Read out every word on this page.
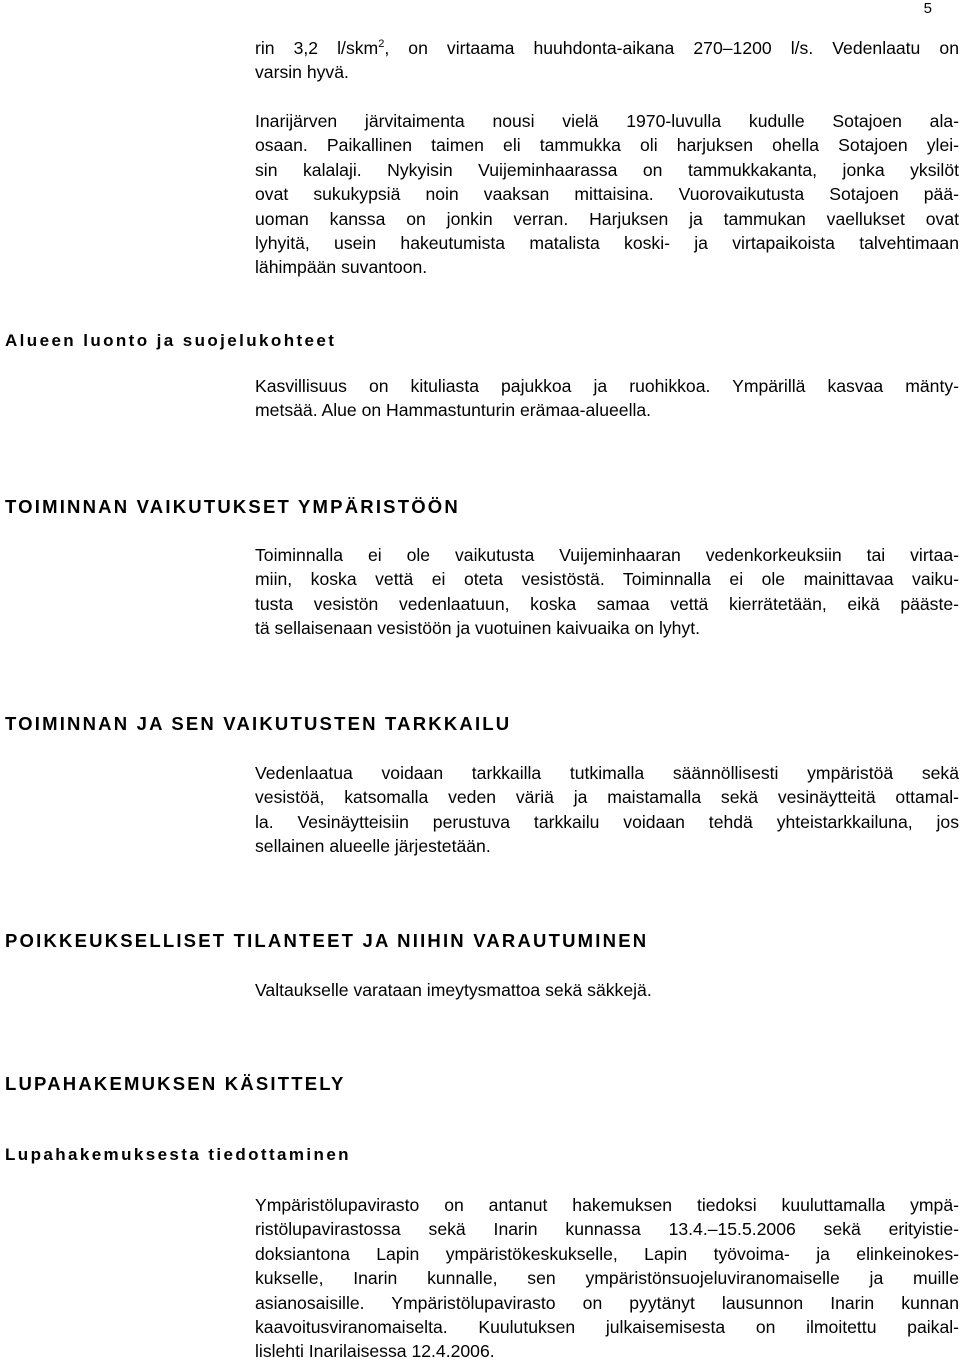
5
rin 3,2 l/skm$^2$, on virtaama huuhdonta-aikana 270–1200 l/s. Vedenlaatu on
varsin hyvä.
Inarijärven järvitaimenta nousi vielä 1970-luvulla kudulle Sotajoen ala-
osaan. Paikallinen taimen eli tammukka oli harjuksen ohella Sotajoen ylei-
sin kalalaji. Nykyisin Vuijeminhaarassa on tammukkakanta, jonka yksilöt
ovat sukukypsiä noin vaaksan mittaisina. Vuorovaikutusta Sotajoen pää-
uoman kanssa on jonkin verran. Harjuksen ja tammukan vaellukset ovat
lyhyitä, usein hakeutumista matalista koski- ja virtapaikoista talvehtimaan
lähimpään suvantoon.
Alueen luonto ja suojelukohteet
Kasvillisuus on kituliasta pajukkoa ja ruohikkoa. Ympärillä kasvaa mänty-
metsää. Alue on Hammastunturin erämaa-alueella.
TOIMINNAN VAIKUTUKSET YMPÄRISTÖÖN
Toiminnalla ei ole vaikutusta Vuijeminhaaran vedenkorkeuksiin tai virtaa-
miin, koska vettä ei oteta vesistöstä. Toiminnalla ei ole mainittavaa vaiku-
tusta vesistön vedenlaatuun, koska samaa vettä kierrätetään, eikä pääste-
tä sellaisenaan vesistöön ja vuotuinen kaivuaika on lyhyt.
TOIMINNAN JA SEN VAIKUTUSTEN TARKKAILU
Vedenlaatua voidaan tarkkailla tutkimalla säännöllisesti ympäristöä sekä
vesistöä, katsomalla veden väriä ja maistamalla sekä vesinäytteitä ottamal-
la. Vesinäytteisiin perustuva tarkkailu voidaan tehdä yhteistarkkailuna, jos
sellainen alueelle järjestetään.
POIKKEUKSELLISET TILANTEET JA NIIHIN VARAUTUMINEN
Valtaukselle varataan imeytysmattoa sekä säkkejä.
LUPAHAKEMUKSEN KÄSITTELY
Lupahakemuksesta tiedottaminen
Ympäristölupavirasto on antanut hakemuksen tiedoksi kuuluttamalla ympä-
ristölupavirastossa sekä Inarin kunnassa 13.4.–15.5.2006 sekä erityistie-
doksiantona Lapin ympäristökeskukselle, Lapin työvoima- ja elinkeinokes-
kukselle, Inarin kunnalle, sen ympäristönsuojeluviranomaiselle ja muille
asianosaisille. Ympäristölupavirasto on pyytänyt lausunnon Inarin kunnan
kaavoitusviranomaiselta. Kuulutuksen julkaisemisesta on ilmoitettu paikal-
lislehti Inarilaisessa 12.4.2006.
